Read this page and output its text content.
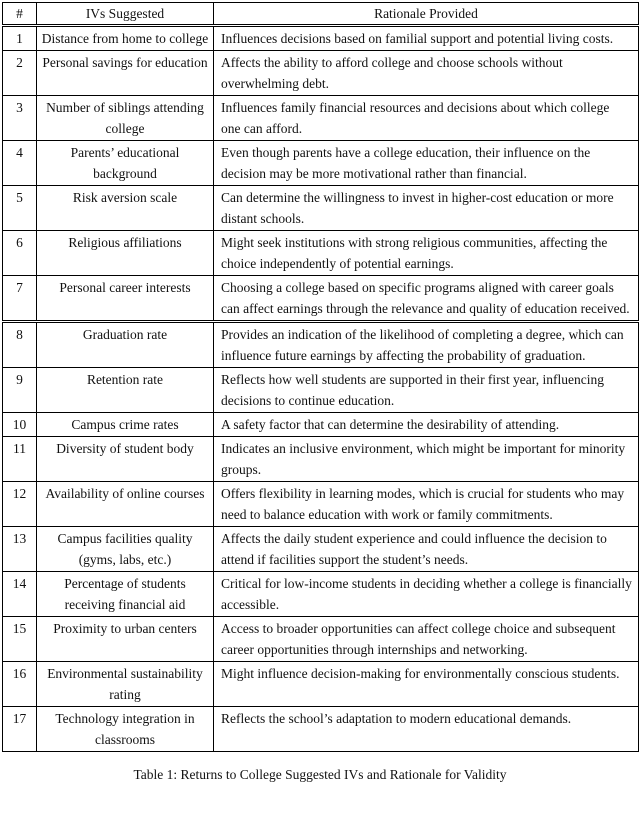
#	IVs Suggested	Rationale Provided
1	Distance from home to college	Influences decisions based on familial support and potential living costs.
2	Personal savings for education	Affects the ability to afford college and choose schools without overwhelming debt.
3	Number of siblings attending college	Influences family financial resources and decisions about which college one can afford.
4	Parents’ educational background	Even though parents have a college education, their influence on the decision may be more motivational rather than financial.
5	Risk aversion scale	Can determine the willingness to invest in higher-cost education or more distant schools.
6	Religious affiliations	Might seek institutions with strong religious communities, affecting the choice independently of potential earnings.
7	Personal career interests	Choosing a college based on specific programs aligned with career goals can affect earnings through the relevance and quality of education received.
8	Graduation rate	Provides an indication of the likelihood of completing a degree, which can influence future earnings by affecting the probability of graduation.
9	Retention rate	Reflects how well students are supported in their first year, influencing decisions to continue education.
10	Campus crime rates	A safety factor that can determine the desirability of attending.
11	Diversity of student body	Indicates an inclusive environment, which might be important for minority groups.
12	Availability of online courses	Offers flexibility in learning modes, which is crucial for students who may need to balance education with work or family commitments.
13	Campus facilities quality (gyms, labs, etc.)	Affects the daily student experience and could influence the decision to attend if facilities support the student’s needs.
14	Percentage of students receiving financial aid	Critical for low-income students in deciding whether a college is financially accessible.
15	Proximity to urban centers	Access to broader opportunities can affect college choice and subsequent career opportunities through internships and networking.
16	Environmental sustainability rating	Might influence decision-making for environmentally conscious students.
17	Technology integration in classrooms	Reflects the school’s adaptation to modern educational demands.
Table 1: Returns to College Suggested IVs and Rationale for Validity
